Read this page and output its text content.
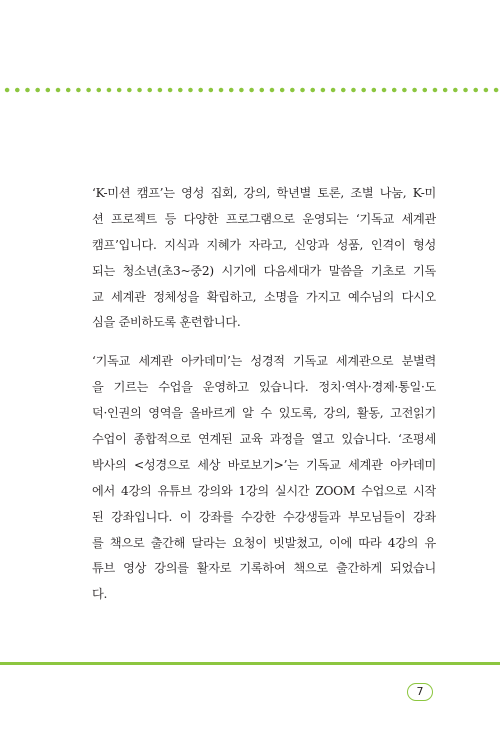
‘K-미션 캠프’는 영성 집회, 강의, 학년별 토론, 조별 나눔, K-미
션 프로젝트 등 다양한 프로그램으로 운영되는 ‘기독교 세계관
캠프’입니다. 지식과 지혜가 자라고, 신앙과 성품, 인격이 형성
되는 청소년(초3~중2) 시기에 다음세대가 말씀을 기초로 기독
교 세계관 정체성을 확립하고, 소명을 가지고 예수님의 다시오
심을 준비하도록 훈련합니다.

‘기독교 세계관 아카데미’는 성경적 기독교 세계관으로 분별력
을 기르는 수업을 운영하고 있습니다. 정치·역사·경제·통일·도
덕·인권의 영역을 올바르게 알 수 있도록, 강의, 활동, 고전읽기
수업이 종합적으로 연계된 교육 과정을 열고 있습니다. ‘조평세
박사의 <성경으로 세상 바로보기>’는 기독교 세계관 아카데미
에서 4강의 유튜브 강의와 1강의 실시간 ZOOM 수업으로 시작
된 강좌입니다. 이 강좌를 수강한 수강생들과 부모님들이 강좌
를 책으로 출간해 달라는 요청이 빗발쳤고, 이에 따라 4강의 유
튜브 영상 강의를 활자로 기록하여 책으로 출간하게 되었습니
다.

7
